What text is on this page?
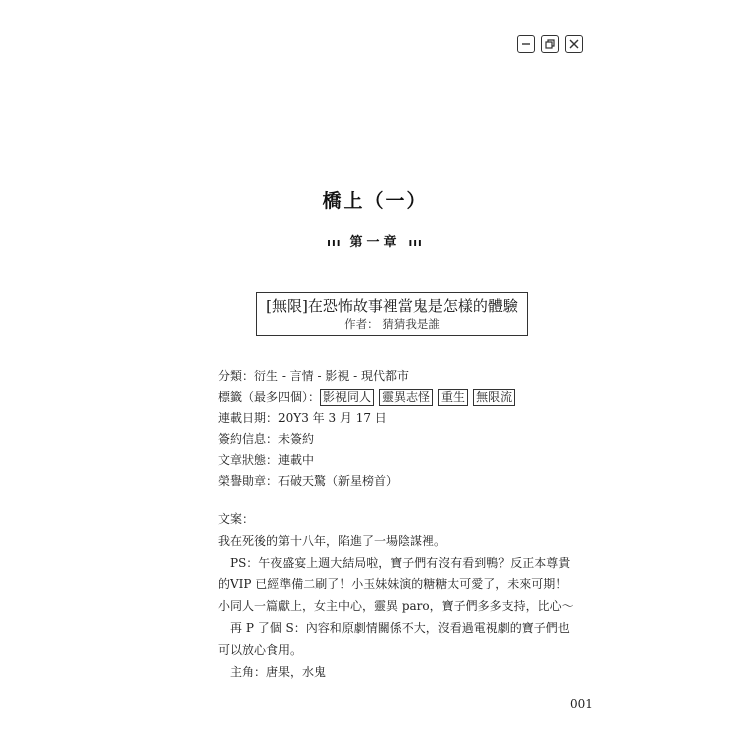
橋上（一）
ııı 第一章 ııı
[無限]在恐怖故事裡當鬼是怎樣的體驗
作者： 猜猜我是誰
分類：衍生 - 言情 - 影視 - 現代都市
標籤（最多四個）： 影視同人 靈異志怪 重生 無限流
連載日期：20Y3 年 3 月 17 日
簽約信息：未簽約
文章狀態：連載中
榮譽勛章：石破天驚（新星榜首）

文案：

我在死後的第十八年，陷進了一場陰謀裡。

PS：午夜盛宴上週大結局啦，寶子們有沒有看到鴨？反正本尊貴的VIP 已經準備二刷了！小玉妹妹演的糖糖太可愛了，未來可期！小同人一篇獻上，女主中心，靈異 paro，寶子們多多支持，比心～

再 P 了個 S：內容和原劇情關係不大，沒看過電視劇的寶子們也可以放心食用。

主角：唐果，水鬼

001
